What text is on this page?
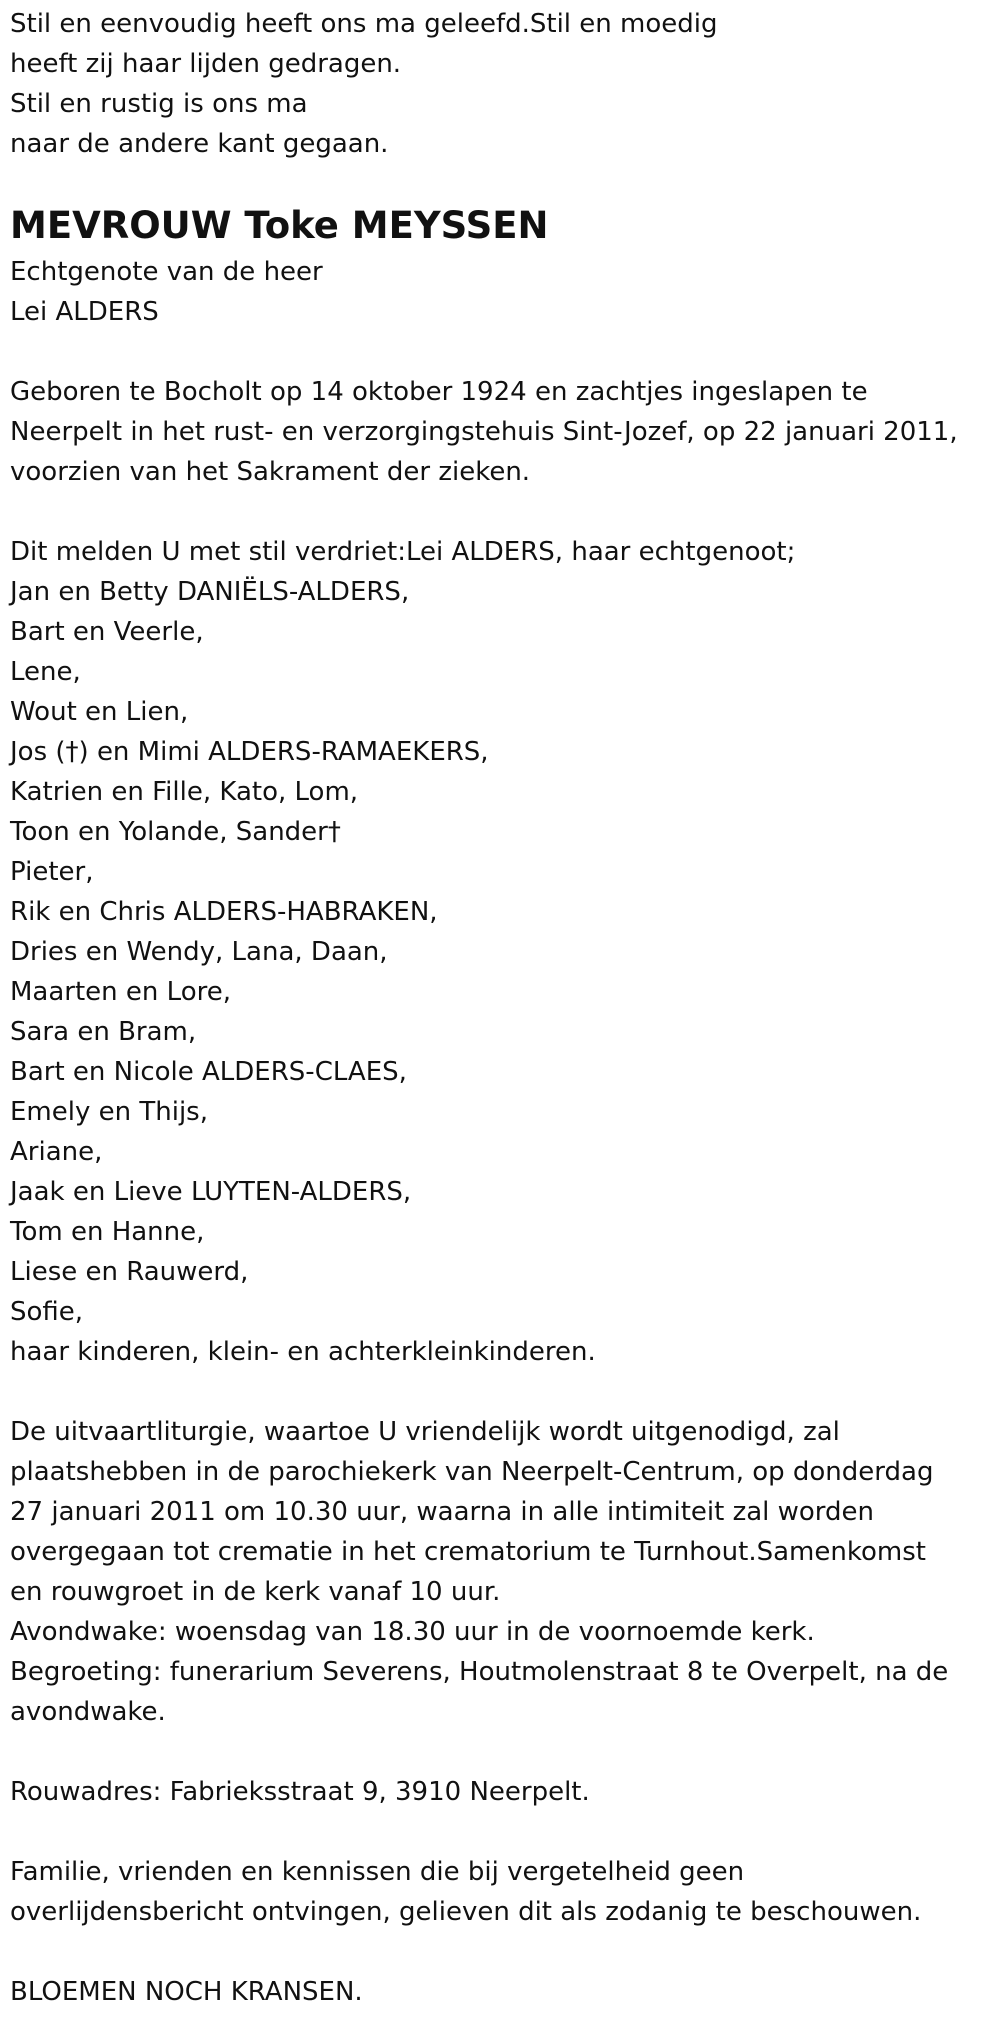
Stil en eenvoudig heeft ons ma geleefd.Stil en moedig

heeft zij haar lijden gedragen.

Stil en rustig is ons ma

naar de andere kant gegaan.

MEVROUW Toke MEYSSEN

Echtgenote van de heer

Lei ALDERS

Geboren te Bocholt op 14 oktober 1924 en zachtjes ingeslapen te

Neerpelt in het rust- en verzorgingstehuis Sint-Jozef, op 22 januari 2011,

voorzien van het Sakrament der zieken.

Dit melden U met stil verdriet:Lei ALDERS, haar echtgenoot;

Jan en Betty DANIËLS-ALDERS,

Bart en Veerle,

Lene,

Wout en Lien,

Jos (†) en Mimi ALDERS-RAMAEKERS,

Katrien en Fille, Kato, Lom,

Toon en Yolande, Sander†

Pieter,

Rik en Chris ALDERS-HABRAKEN,

Dries en Wendy, Lana, Daan,

Maarten en Lore,

Sara en Bram,

Bart en Nicole ALDERS-CLAES,

Emely en Thijs,

Ariane,

Jaak en Lieve LUYTEN-ALDERS,

Tom en Hanne,

Liese en Rauwerd,

Sofie,

haar kinderen, klein- en achterkleinkinderen.

De uitvaartliturgie, waartoe U vriendelijk wordt uitgenodigd, zal

plaatshebben in de parochiekerk van Neerpelt-Centrum, op donderdag

27 januari 2011 om 10.30 uur, waarna in alle intimiteit zal worden

overgegaan tot crematie in het crematorium te Turnhout.Samenkomst

en rouwgroet in de kerk vanaf 10 uur.

Avondwake: woensdag van 18.30 uur in de voornoemde kerk.

Begroeting: funerarium Severens, Houtmolenstraat 8 te Overpelt, na de

avondwake.

Rouwadres: Fabrieksstraat 9, 3910 Neerpelt.

Familie, vrienden en kennissen die bij vergetelheid geen

overlijdensbericht ontvingen, gelieven dit als zodanig te beschouwen.

BLOEMEN NOCH KRANSEN.
